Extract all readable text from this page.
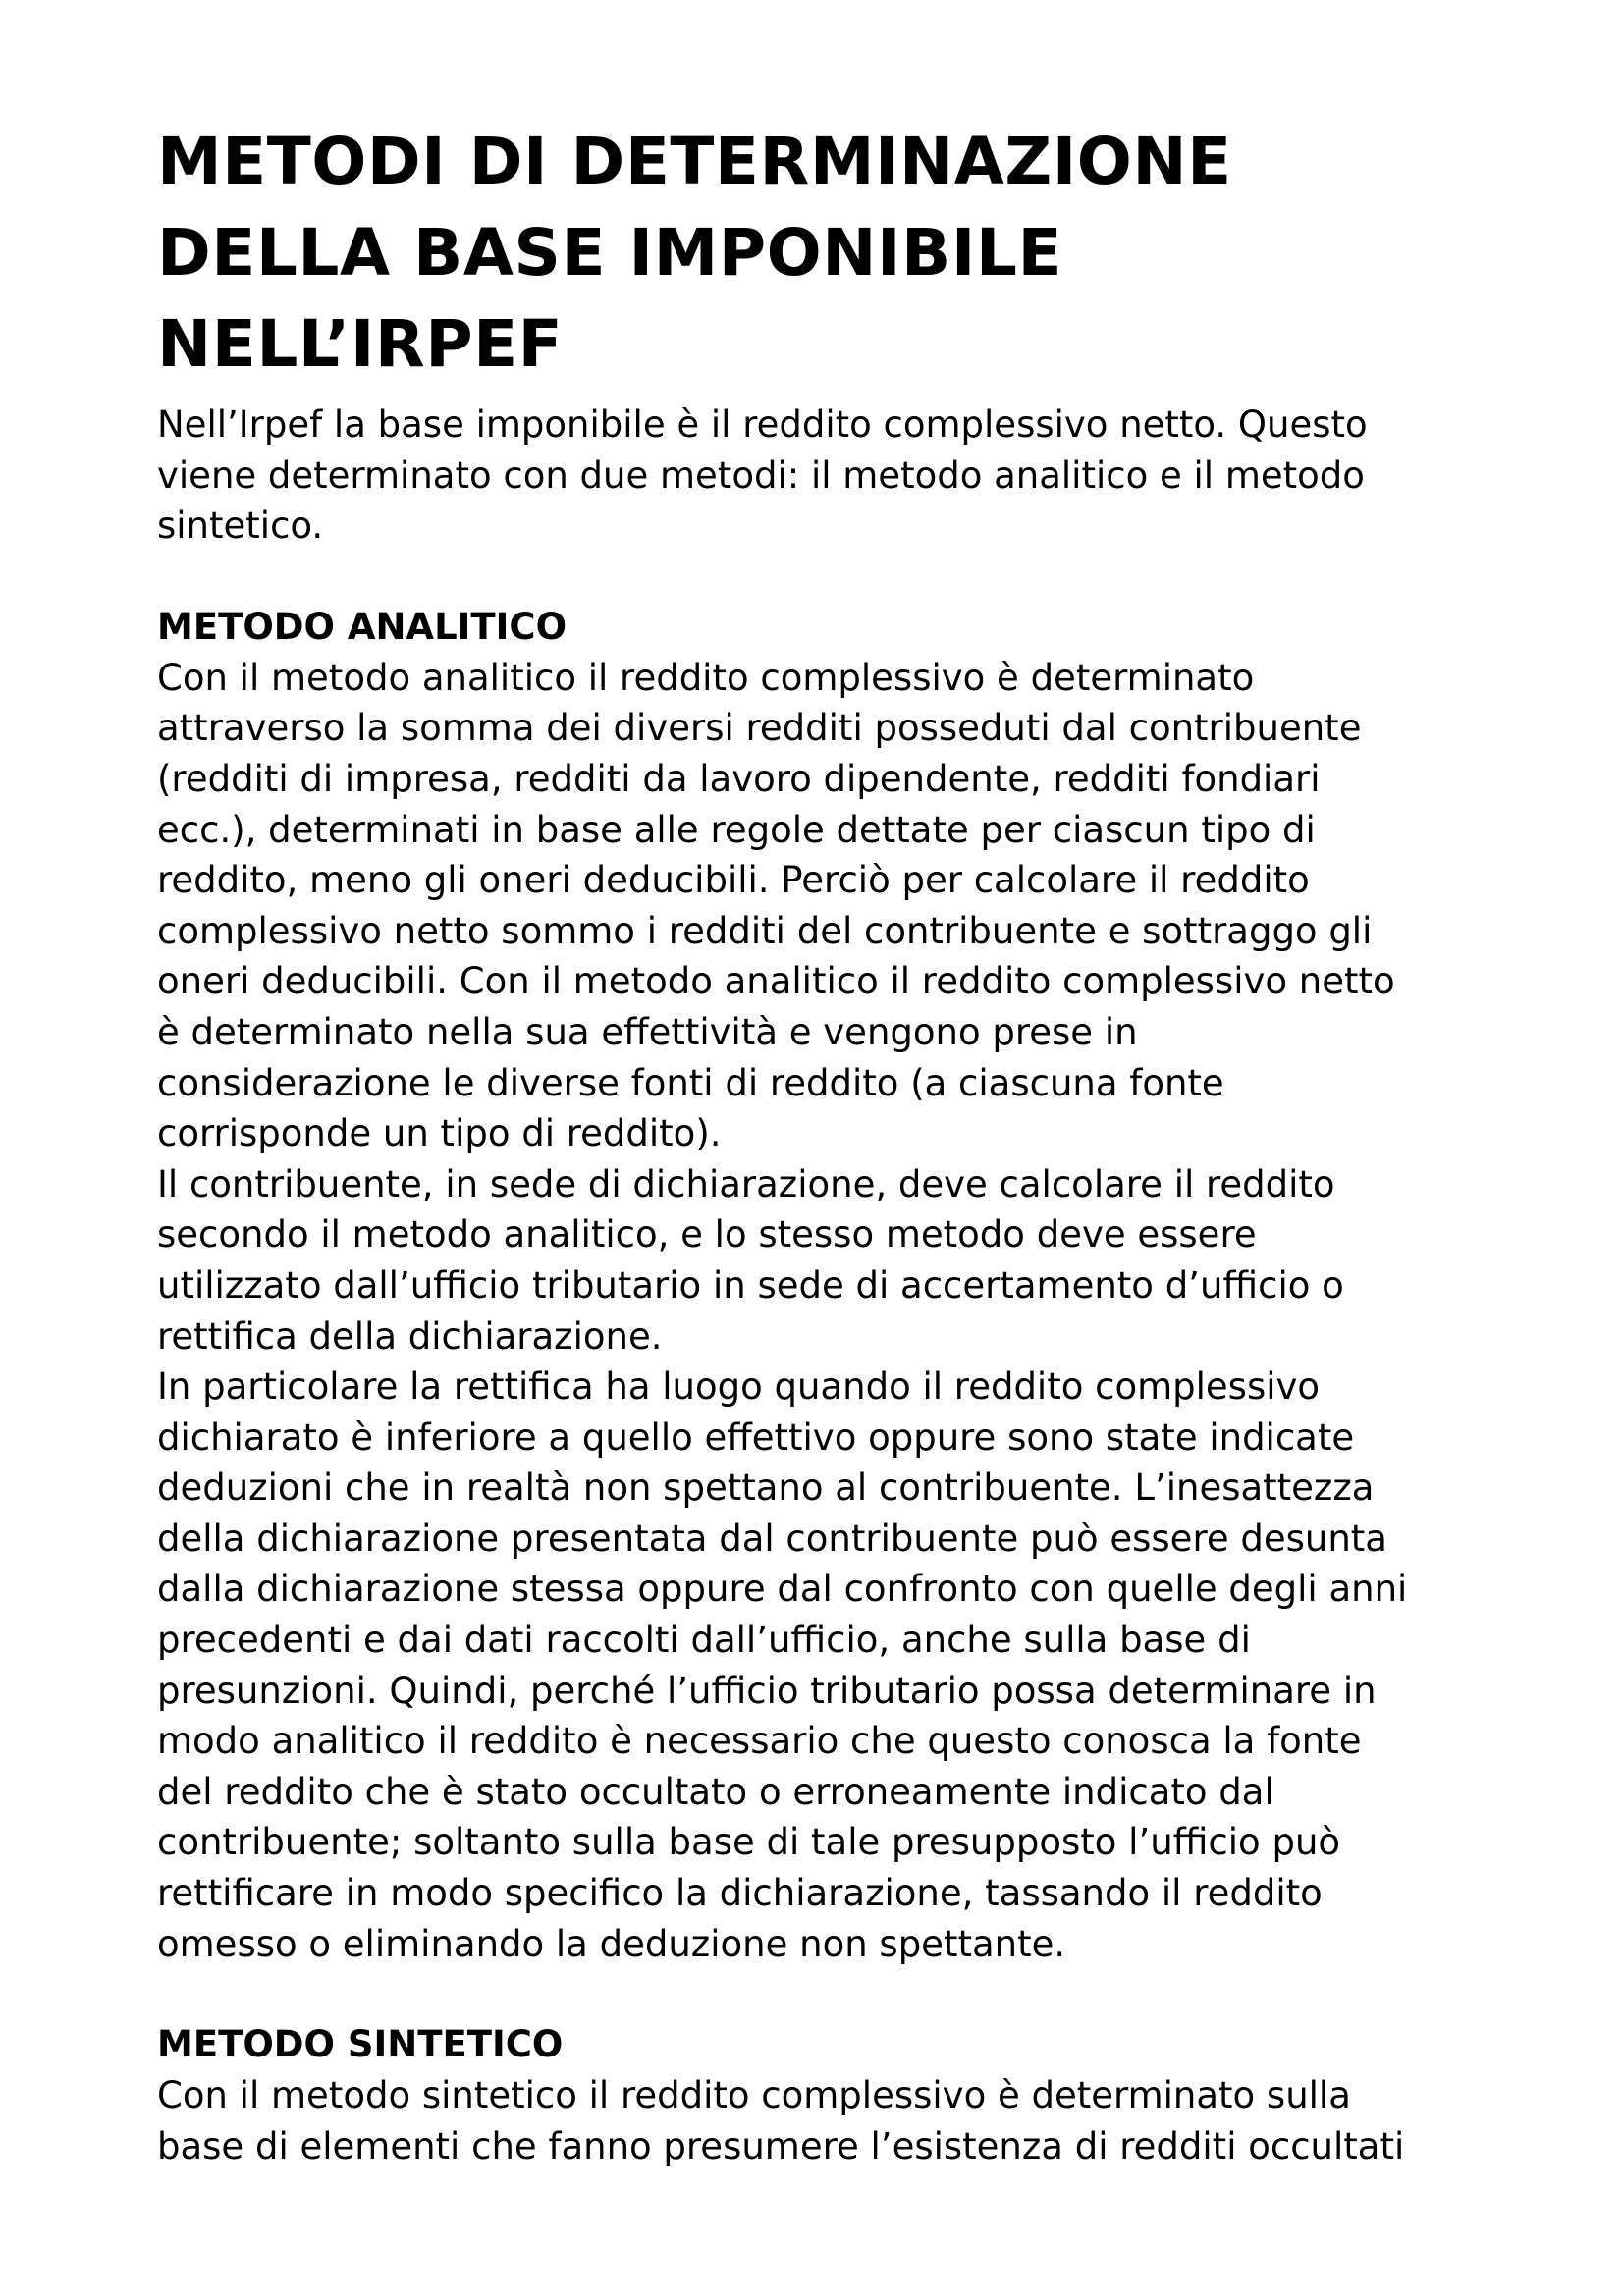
METODI DI DETERMINAZIONE
DELLA BASE IMPONIBILE
NELL’IRPEF
Nell’Irpef la base imponibile è il reddito complessivo netto. Questo
viene determinato con due metodi: il metodo analitico e il metodo
sintetico.
METODO ANALITICO
Con il metodo analitico il reddito complessivo è determinato
attraverso la somma dei diversi redditi posseduti dal contribuente
(redditi di impresa, redditi da lavoro dipendente, redditi fondiari
ecc.), determinati in base alle regole dettate per ciascun tipo di
reddito, meno gli oneri deducibili. Perciò per calcolare il reddito
complessivo netto sommo i redditi del contribuente e sottraggo gli
oneri deducibili. Con il metodo analitico il reddito complessivo netto
è determinato nella sua effettività e vengono prese in
considerazione le diverse fonti di reddito (a ciascuna fonte
corrisponde un tipo di reddito).
Il contribuente, in sede di dichiarazione, deve calcolare il reddito
secondo il metodo analitico, e lo stesso metodo deve essere
utilizzato dall’ufficio tributario in sede di accertamento d’ufficio o
rettifica della dichiarazione.
In particolare la rettifica ha luogo quando il reddito complessivo
dichiarato è inferiore a quello effettivo oppure sono state indicate
deduzioni che in realtà non spettano al contribuente. L’inesattezza
della dichiarazione presentata dal contribuente può essere desunta
dalla dichiarazione stessa oppure dal confronto con quelle degli anni
precedenti e dai dati raccolti dall’ufficio, anche sulla base di
presunzioni. Quindi, perché l’ufficio tributario possa determinare in
modo analitico il reddito è necessario che questo conosca la fonte
del reddito che è stato occultato o erroneamente indicato dal
contribuente; soltanto sulla base di tale presupposto l’ufficio può
rettificare in modo specifico la dichiarazione, tassando il reddito
omesso o eliminando la deduzione non spettante.
METODO SINTETICO
Con il metodo sintetico il reddito complessivo è determinato sulla
base di elementi che fanno presumere l’esistenza di redditi occultati
